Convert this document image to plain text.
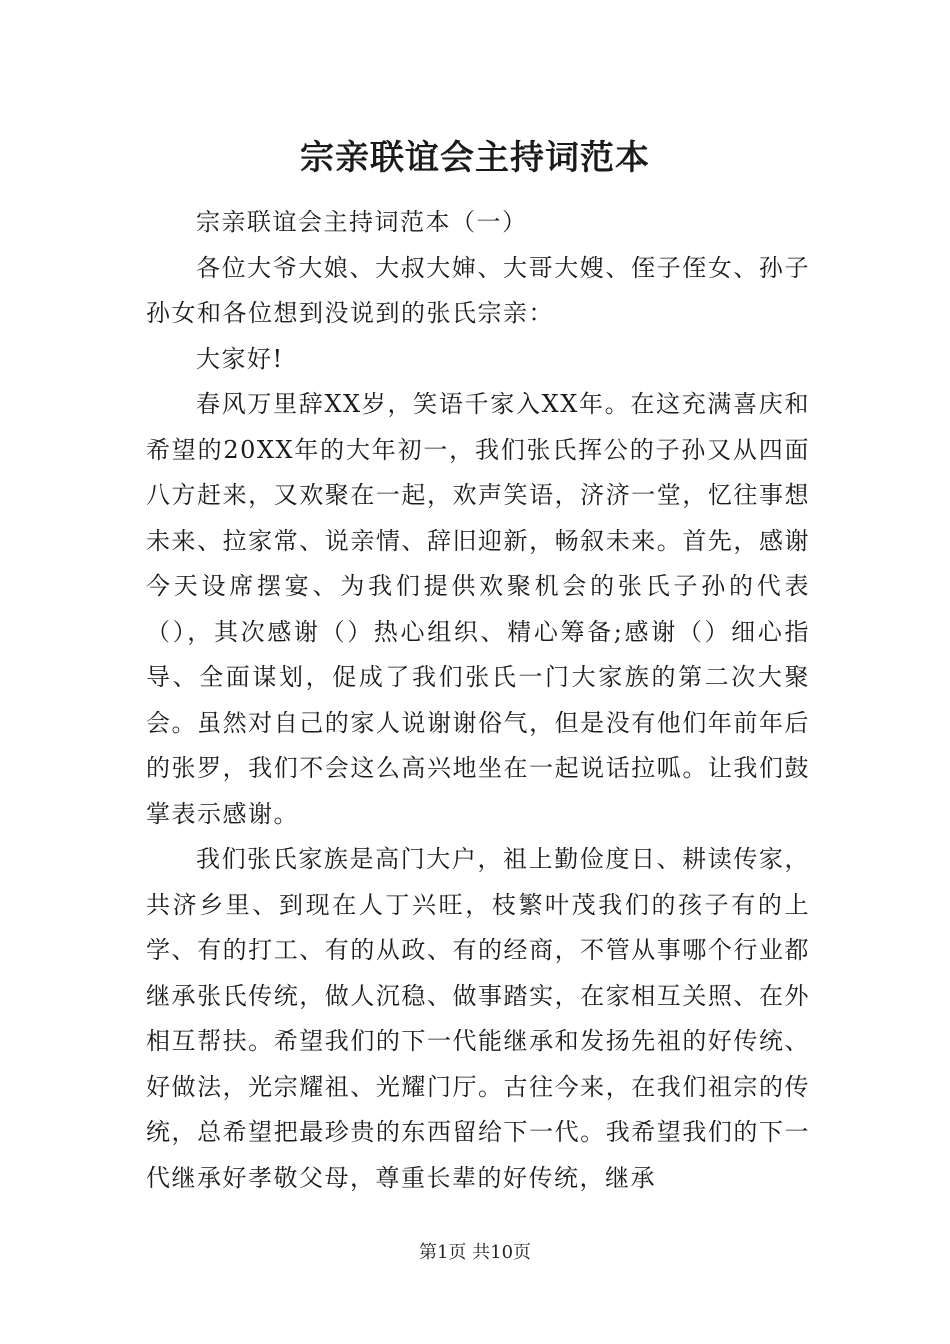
宗亲联谊会主持词范本

宗亲联谊会主持词范本（一）

各位大爷大娘、大叔大婶、大哥大嫂、侄子侄女、孙子孙女和各位想到没说到的张氏宗亲：

大家好!

春风万里辞XX岁，笑语千家入XX年。在这充满喜庆和希望的20XX年的大年初一，我们张氏挥公的子孙又从四面八方赶来，又欢聚在一起，欢声笑语，济济一堂，忆往事想未来、拉家常、说亲情、辞旧迎新，畅叙未来。首先，感谢今天设席摆宴、为我们提供欢聚机会的张氏子孙的代表（），其次感谢（）热心组织、精心筹备;感谢（）细心指导、全面谋划，促成了我们张氏一门大家族的第二次大聚会。虽然对自己的家人说谢谢俗气，但是没有他们年前年后的张罗，我们不会这么高兴地坐在一起说话拉呱。让我们鼓掌表示感谢。

我们张氏家族是高门大户，祖上勤俭度日、耕读传家，共济乡里、到现在人丁兴旺，枝繁叶茂我们的孩子有的上学、有的打工、有的从政、有的经商，不管从事哪个行业都继承张氏传统，做人沉稳、做事踏实，在家相互关照、在外相互帮扶。希望我们的下一代能继承和发扬先祖的好传统、好做法，光宗耀祖、光耀门厅。古往今来，在我们祖宗的传统，总希望把最珍贵的东西留给下一代。我希望我们的下一代继承好孝敬父母，尊重长辈的好传统，继承

第1页 共10页
